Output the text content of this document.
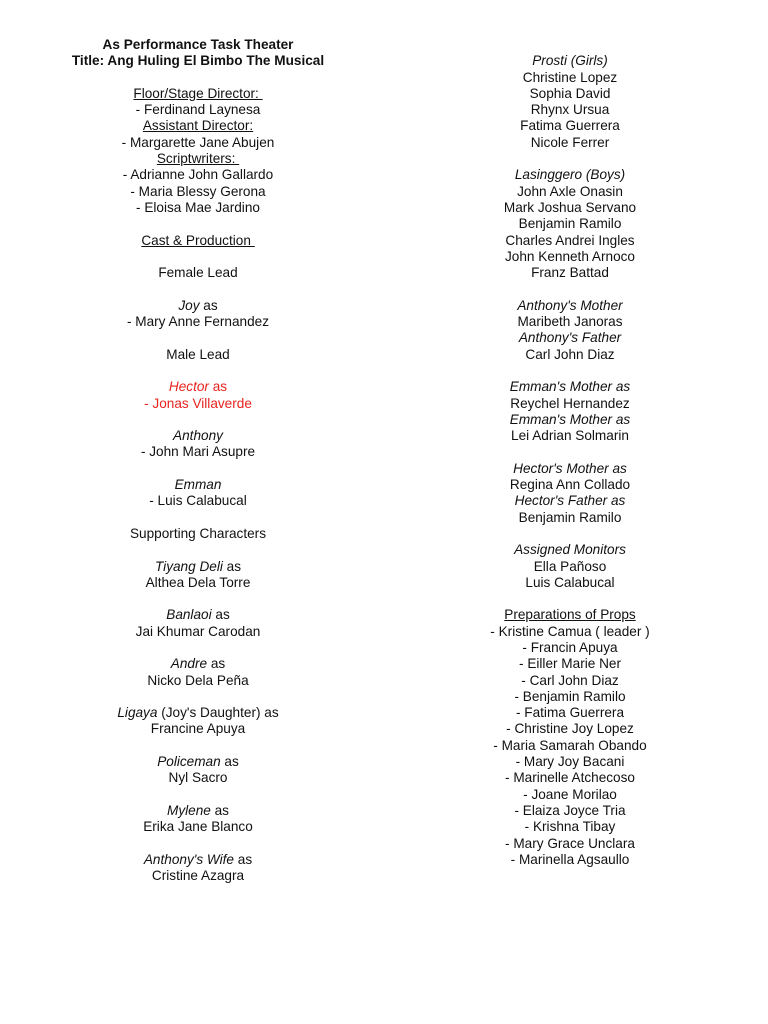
As Performance Task Theater
Title: Ang Huling El Bimbo The Musical
Floor/Stage Director:
- Ferdinand Laynesa
Assistant Director:
- Margarette Jane Abujen
Scriptwriters:
- Adrianne John Gallardo
- Maria Blessy Gerona
- Eloisa Mae Jardino
Cast & Production
Female Lead
Joy as
- Mary Anne Fernandez
Male Lead
Hector as
- Jonas Villaverde
Anthony
- John Mari Asupre
Emman
- Luis Calabucal
Supporting Characters
Tiyang Deli as
Althea Dela Torre
Banlaoi as
Jai Khumar Carodan
Andre as
Nicko Dela Peña
Ligaya (Joy's Daughter) as
Francine Apuya
Policeman as
Nyl Sacro
Mylene as
Erika Jane Blanco
Anthony's Wife as
Cristine Azagra
Prosti (Girls)
Christine Lopez
Sophia David
Rhynx Ursua
Fatima Guerrera
Nicole Ferrer
Lasinggero (Boys)
John Axle Onasin
Mark Joshua Servano
Benjamin Ramilo
Charles Andrei Ingles
John Kenneth Arnoco
Franz Battad
Anthony's Mother
Maribeth Janoras
Anthony's Father
Carl John Diaz
Emman's Mother as
Reychel Hernandez
Emman's Mother as
Lei Adrian Solmarin
Hector's Mother as
Regina Ann Collado
Hector's Father as
Benjamin Ramilo
Assigned Monitors
Ella Pañoso
Luis Calabucal
Preparations of Props
- Kristine Camua ( leader )
- Francin Apuya
- Eiller Marie Ner
- Carl John Diaz
- Benjamin Ramilo
- Fatima Guerrera
- Christine Joy Lopez
- Maria Samarah Obando
- Mary Joy Bacani
- Marinelle Atchecoso
- Joane Morilao
- Elaiza Joyce Tria
- Krishna Tibay
- Mary Grace Unclara
- Marinella Agsaullo
